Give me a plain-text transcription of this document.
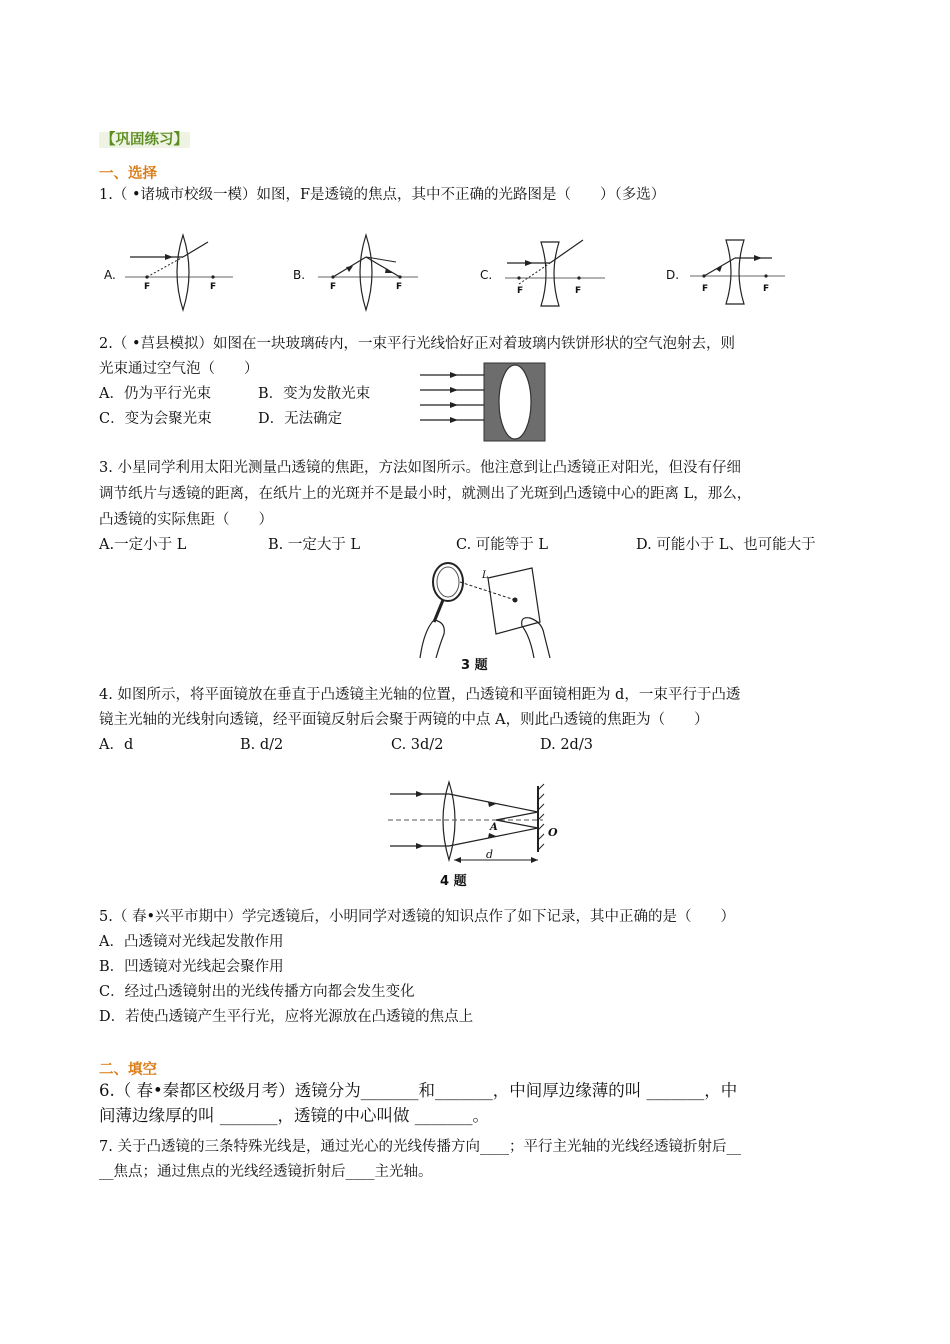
【巩固练习】
一、选择
1.（ •诸城市校级一模）如图，F是透镜的焦点，其中不正确的光路图是（　　）（多选）
A.	B.	C.	D.
F	F	F	F	F	F	F	F
2.（ •莒县模拟）如图在一块玻璃砖内，一束平行光线恰好正对着玻璃内铁饼形状的空气泡射去，则
光束通过空气泡（　　）
A．仍为平行光束	B．变为发散光束
C．变为会聚光束	D．无法确定
3. 小星同学利用太阳光测量凸透镜的焦距，方法如图所示。他注意到让凸透镜正对阳光，但没有仔细
调节纸片与透镜的距离，在纸片上的光斑并不是最小时，就测出了光斑到凸透镜中心的距离 L，那么，
凸透镜的实际焦距（　　）
A.一定小于 L	B. 一定大于 L	C. 可能等于 L	D. 可能小于 L、也可能大于
L
3 题
4. 如图所示，将平面镜放在垂直于凸透镜主光轴的位置，凸透镜和平面镜相距为 d，一束平行于凸透
镜主光轴的光线射向透镜，经平面镜反射后会聚于两镜的中点 A，则此凸透镜的焦距为（　　）
A．d	B. d/2	C. 3d/2	D. 2d/3
A	O
d
4 题
5.（ 春•兴平市期中）学完透镜后，小明同学对透镜的知识点作了如下记录，其中正确的是（　　）
A．凸透镜对光线起发散作用
B．凹透镜对光线起会聚作用
C．经过凸透镜射出的光线传播方向都会发生变化
D．若使凸透镜产生平行光，应将光源放在凸透镜的焦点上
二、填空
6.（ 春•秦都区校级月考）透镜分为_______和_______，中间厚边缘薄的叫 _______，中
间薄边缘厚的叫 _______，透镜的中心叫做 _______。
7. 关于凸透镜的三条特殊光线是，通过光心的光线传播方向____；平行主光轴的光线经透镜折射后__
__焦点；通过焦点的光线经透镜折射后____主光轴。
